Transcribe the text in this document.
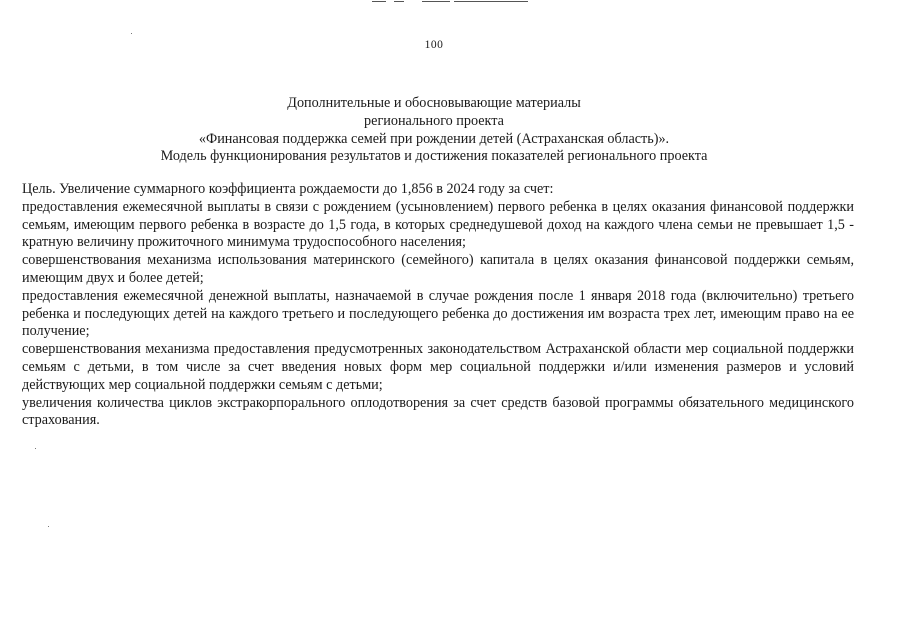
100
Дополнительные и обосновывающие материалы
регионального проекта
«Финансовая поддержка семей при рождении детей (Астраханская область)».
Модель функционирования результатов и достижения показателей регионального проекта

Цель. Увеличение суммарного коэффициента рождаемости до 1,856 в 2024 году за счет:

предоставления ежемесячной выплаты в связи с рождением (усыновлением) первого ребенка в целях оказания финансовой поддержки семьям, имеющим первого ребенка в возрасте до 1,5 года, в которых среднедушевой доход на каждого члена семьи не превышает 1,5 - кратную величину прожиточного минимума трудоспособного населения;

совершенствования механизма использования материнского (семейного) капитала в целях оказания финансовой поддержки семьям, имеющим двух и более детей;

предоставления ежемесячной денежной выплаты, назначаемой в случае рождения после 1 января 2018 года (включительно) третьего ребенка и последующих детей на каждого третьего и последующего ребенка до достижения им возраста трех лет, имеющим право на ее получение;

совершенствования механизма предоставления предусмотренных законодательством Астраханской области мер социальной поддержки семьям с детьми, в том числе за счет введения новых форм мер социальной поддержки и/или изменения размеров и условий действующих мер социальной поддержки семьям с детьми;

увеличения количества циклов экстракорпорального оплодотворения за счет средств базовой программы обязательного медицинского страхования.
